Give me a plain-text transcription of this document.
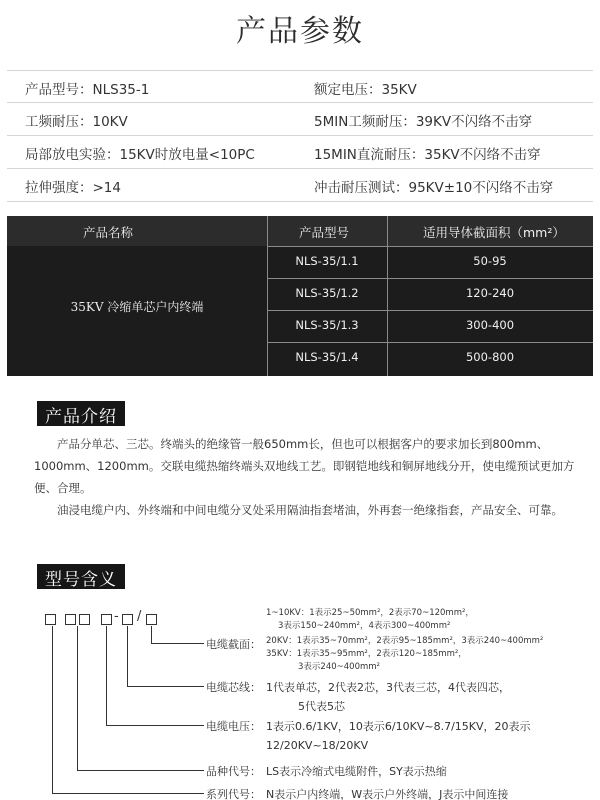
产品参数
产品型号：NLS35-1	额定电压：35KV
工频耐压：10KV	5MIN工频耐压：39KV不闪络不击穿
局部放电实验：15KV时放电量<10PC	15MIN直流耐压：35KV不闪络不击穿
拉伸强度：>14	冲击耐压测试：95KV±10不闪络不击穿
产品名称	产品型号	适用导体截面积（mm²）
35KV 冷缩单芯户内终端
NLS-35/1.1	50-95
NLS-35/1.2	120-240
NLS-35/1.3	300-400
NLS-35/1.4	500-800
产品介绍

产品分单芯、三芯。终端头的绝缘管一般650mm长，但也可以根据客户的要求加长到800mm、1000mm、1200mm。交联电缆热缩终端头双地线工艺。即钢铠地线和铜屏地线分开，使电缆预试更加方便、合理。

油浸电缆户内、外终端和中间电缆分叉处采用隔油指套堵油，外再套一绝缘指套，产品安全、可靠。

型号含义
- /
电缆截面：
1~10KV：1表示25~50mm²，2表示70~120mm²，
3表示150~240mm²，4表示300~400mm²
20KV：1表示35~70mm²，2表示95~185mm²，3表示240~400mm²
35KV：1表示35~95mm²，2表示120~185mm²，
3表示240~400mm²
电缆芯线： 1代表单芯，2代表2芯，3代表三芯，4代表四芯，
5代表5芯
电缆电压： 1表示0.6/1KV，10表示6/10KV~8.7/15KV，20表示
12/20KV~18/20KV
品种代号： LS表示冷缩式电缆附件，SY表示热缩
系列代号： N表示户内终端，W表示户外终端，J表示中间连接
